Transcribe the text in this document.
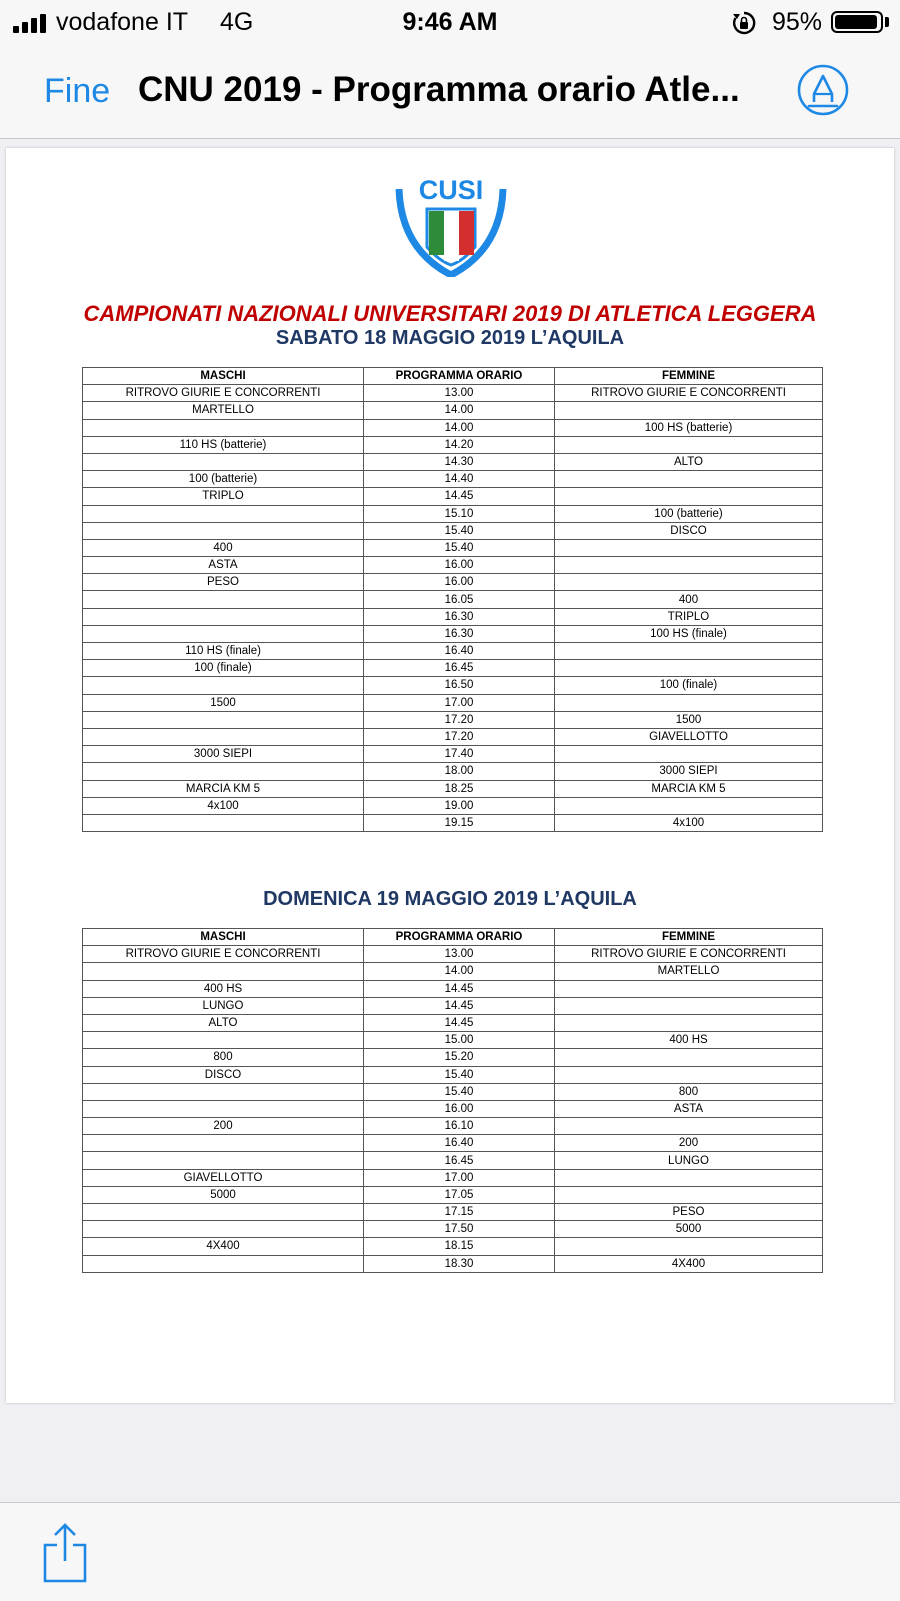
vodafone IT 4G	9:46 AM	95%
Fine CNU 2019 - Programma orario Atle...
CUSI
CAMPIONATI NAZIONALI UNIVERSITARI 2019 DI ATLETICA LEGGERA
SABATO 18 MAGGIO 2019 L’AQUILA
MASCHI	PROGRAMMA ORARIO	FEMMINE
RITROVO GIURIE E CONCORRENTI	13.00	RITROVO GIURIE E CONCORRENTI
MARTELLO	14.00	
	14.00	100 HS (batterie)
110 HS (batterie)	14.20	
	14.30	ALTO
100 (batterie)	14.40	
TRIPLO	14.45	
	15.10	100 (batterie)
	15.40	DISCO
400	15.40	
ASTA	16.00	
PESO	16.00	
	16.05	400
	16.30	TRIPLO
	16.30	100 HS (finale)
110 HS (finale)	16.40	
100 (finale)	16.45	
	16.50	100 (finale)
1500	17.00	
	17.20	1500
	17.20	GIAVELLOTTO
3000 SIEPI	17.40	
	18.00	3000 SIEPI
MARCIA KM 5	18.25	MARCIA KM 5
4x100	19.00	
	19.15	4x100
DOMENICA 19 MAGGIO 2019 L’AQUILA
MASCHI	PROGRAMMA ORARIO	FEMMINE
RITROVO GIURIE E CONCORRENTI	13.00	RITROVO GIURIE E CONCORRENTI
	14.00	MARTELLO
400 HS	14.45	
LUNGO	14.45	
ALTO	14.45	
	15.00	400 HS
800	15.20	
DISCO	15.40	
	15.40	800
	16.00	ASTA
200	16.10	
	16.40	200
	16.45	LUNGO
GIAVELLOTTO	17.00	
5000	17.05	
	17.15	PESO
	17.50	5000
4X400	18.15	
	18.30	4X400
